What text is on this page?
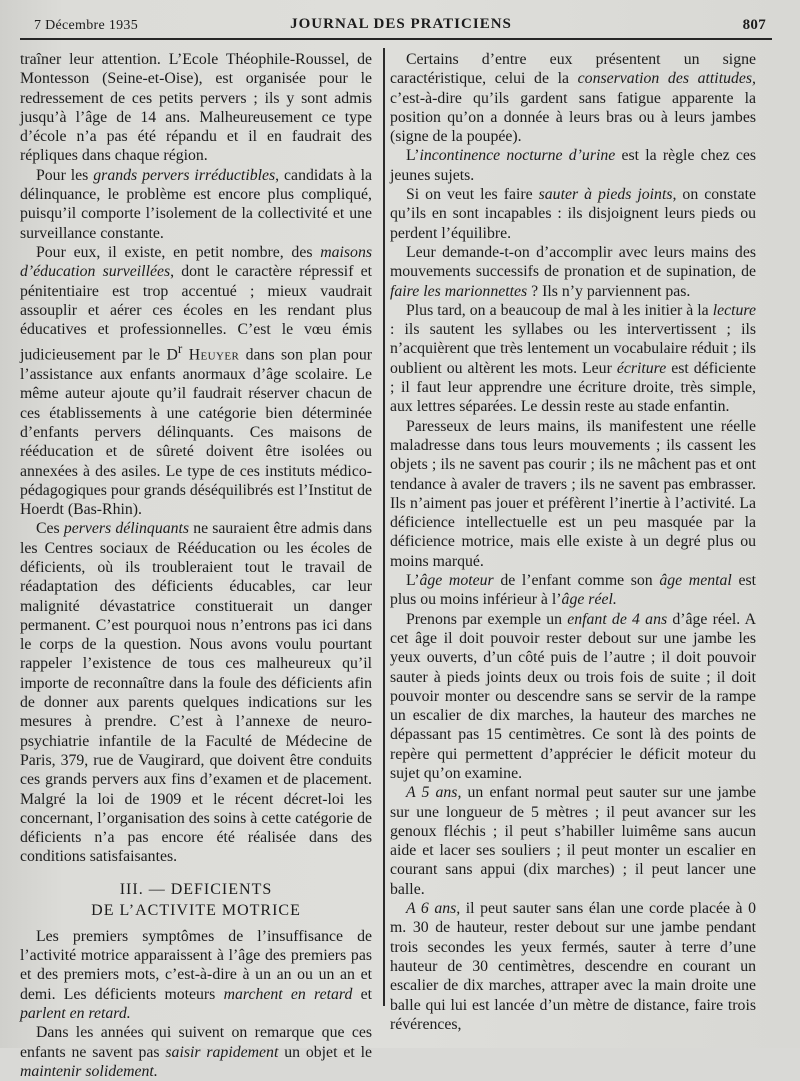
7 Décembre 1935	JOURNAL DES PRATICIENS	807

traîner leur attention. L’Ecole Théophile-Roussel, de Montesson (Seine-et-Oise), est organisée pour le redressement de ces petits pervers ; ils y sont admis jusqu’à l’âge de 14 ans. Malheureusement ce type d’école n’a pas été répandu et il en faudrait des répliques dans chaque région.

Pour les grands pervers irréductibles, candidats à la délinquance, le problème est encore plus compliqué, puisqu’il comporte l’isolement de la collectivité et une surveillance constante.

Pour eux, il existe, en petit nombre, des maisons d’éducation surveillées, dont le caractère répressif et pénitentiaire est trop accentué ; mieux vaudrait assouplir et aérer ces écoles en les rendant plus éducatives et professionnelles. C’est le vœu émis judicieusement par le $D^r$ Heuyer dans son plan pour l’assistance aux enfants anormaux d’âge scolaire. Le même auteur ajoute qu’il faudrait réserver chacun de ces établissements à une catégorie bien déterminée d’enfants pervers délinquants. Ces maisons de rééducation et de sûreté doivent être isolées ou annexées à des asiles. Le type de ces instituts médico-pédagogiques pour grands déséquilibrés est l’Institut de Hoerdt (Bas-Rhin).

Ces pervers délinquants ne sauraient être admis dans les Centres sociaux de Rééducation ou les écoles de déficients, où ils troubleraient tout le travail de réadaptation des déficients éducables, car leur malignité dévastatrice constituerait un danger permanent. C’est pourquoi nous n’entrons pas ici dans le corps de la question. Nous avons voulu pourtant rappeler l’existence de tous ces malheureux qu’il importe de reconnaître dans la foule des déficients afin de donner aux parents quelques indications sur les mesures à prendre. C’est à l’annexe de neuro-psychiatrie infantile de la Faculté de Médecine de Paris, 379, rue de Vaugirard, que doivent être conduits ces grands pervers aux fins d’examen et de placement. Malgré la loi de 1909 et le récent décret-loi les concernant, l’organisation des soins à cette catégorie de déficients n’a pas encore été réalisée dans des conditions satisfaisantes.

III. — DEFICIENTS
DE L’ACTIVITE MOTRICE

Les premiers symptômes de l’insuffisance de l’activité motrice apparaissent à l’âge des premiers pas et des premiers mots, c’est-à-dire à un an ou un an et demi. Les déficients moteurs marchent en retard et parlent en retard.

Dans les années qui suivent on remarque que ces enfants ne savent pas saisir rapidement un objet et le maintenir solidement.

Certains d’entre eux présentent un signe caractéristique, celui de la conservation des attitudes, c’est-à-dire qu’ils gardent sans fatigue apparente la position qu’on a donnée à leurs bras ou à leurs jambes (signe de la poupée).

L’incontinence nocturne d’urine est la règle chez ces jeunes sujets.

Si on veut les faire sauter à pieds joints, on constate qu’ils en sont incapables : ils disjoignent leurs pieds ou perdent l’équilibre.

Leur demande-t-on d’accomplir avec leurs mains des mouvements successifs de pronation et de supination, de faire les marionnettes ? Ils n’y parviennent pas.

Plus tard, on a beaucoup de mal à les initier à la lecture : ils sautent les syllabes ou les intervertissent ; ils n’acquièrent que très lentement un vocabulaire réduit ; ils oublient ou altèrent les mots. Leur écriture est déficiente ; il faut leur apprendre une écriture droite, très simple, aux lettres séparées. Le dessin reste au stade enfantin.

Paresseux de leurs mains, ils manifestent une réelle maladresse dans tous leurs mouvements ; ils cassent les objets ; ils ne savent pas courir ; ils ne mâchent pas et ont tendance à avaler de travers ; ils ne savent pas embrasser. Ils n’aiment pas jouer et préfèrent l’inertie à l’activité. La déficience intellectuelle est un peu masquée par la déficience motrice, mais elle existe à un degré plus ou moins marqué.

L’âge moteur de l’enfant comme son âge mental est plus ou moins inférieur à l’âge réel.

Prenons par exemple un enfant de 4 ans d’âge réel. A cet âge il doit pouvoir rester debout sur une jambe les yeux ouverts, d’un côté puis de l’autre ; il doit pouvoir sauter à pieds joints deux ou trois fois de suite ; il doit pouvoir monter ou descendre sans se servir de la rampe un escalier de dix marches, la hauteur des marches ne dépassant pas 15 centimètres. Ce sont là des points de repère qui permettent d’apprécier le déficit moteur du sujet qu’on examine.

A 5 ans, un enfant normal peut sauter sur une jambe sur une longueur de 5 mètres ; il peut avancer sur les genoux fléchis ; il peut s’habiller luimême sans aucun aide et lacer ses souliers ; il peut monter un escalier en courant sans appui (dix marches) ; il peut lancer une balle.

A 6 ans, il peut sauter sans élan une corde placée à 0 m. 30 de hauteur, rester debout sur une jambe pendant trois secondes les yeux fermés, sauter à terre d’une hauteur de 30 centimètres, descendre en courant un escalier de dix marches, attraper avec la main droite une balle qui lui est lancée d’un mètre de distance, faire trois révérences,
